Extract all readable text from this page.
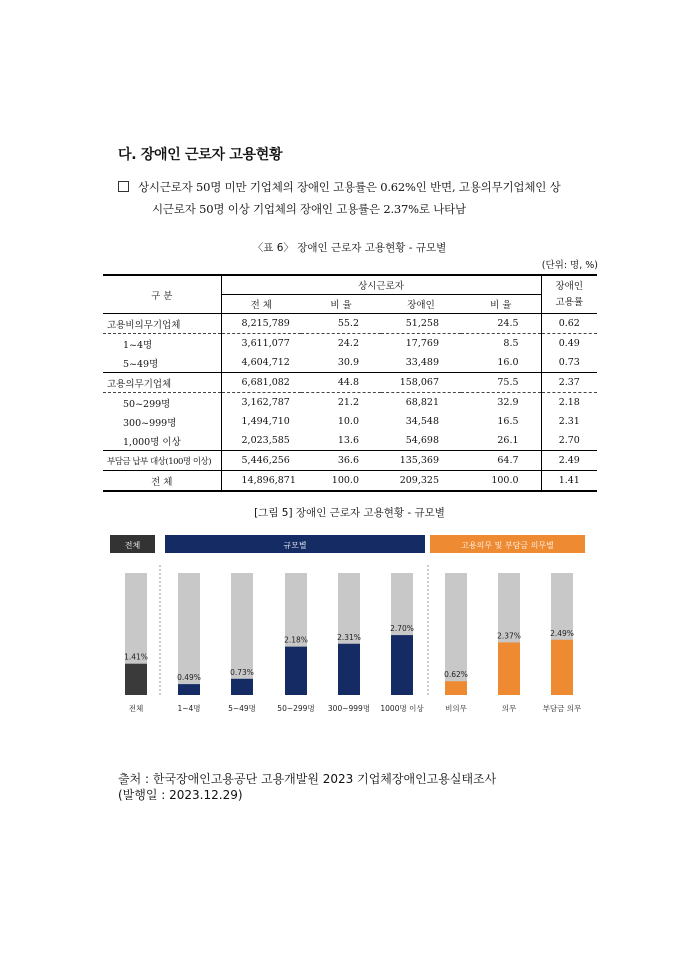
다. 장애인 근로자 고용현황
상시근로자 50명 미만 기업체의 장애인 고용률은 0.62%인 반면, 고용의무기업체인 상
시근로자 50명 이상 기업체의 장애인 고용률은 2.37%로 나타남
〈표 6〉 장애인 근로자 고용현황 - 규모별
(단위: 명, %)
구 분	상시근로자				장애인
고용률
	전 체	비 율	장애인	비 율	
고용비의무기업체	8,215,789	55.2	51,258	24.5	0.62
1~4명	3,611,077	24.2	17,769	8.5	0.49
5~49명	4,604,712	30.9	33,489	16.0	0.73
고용의무기업체	6,681,082	44.8	158,067	75.5	2.37
50~299명	3,162,787	21.2	68,821	32.9	2.18
300~999명	1,494,710	10.0	34,548	16.5	2.31
1,000명 이상	2,023,585	13.6	54,698	26.1	2.70
부담금 납부 대상(100명 이상)	5,446,256	36.6	135,369	64.7	2.49
전 체	14,896,871	100.0	209,325	100.0	1.41
[그림 5] 장애인 근로자 고용현황 - 규모별
전체	규모별	고용의무 및 부담금 의무별
1.41%
전체
0.49%
1~4명
0.73%
5~49명
2.18%
50~299명
2.31%
300~999명
2.70%
1000명 이상
0.62%
비의무
2.37%
의무
2.49%
부담금 의무
출처 : 한국장애인고용공단 고용개발원 2023 기업체장애인고용실태조사
(발행일 : 2023.12.29)
